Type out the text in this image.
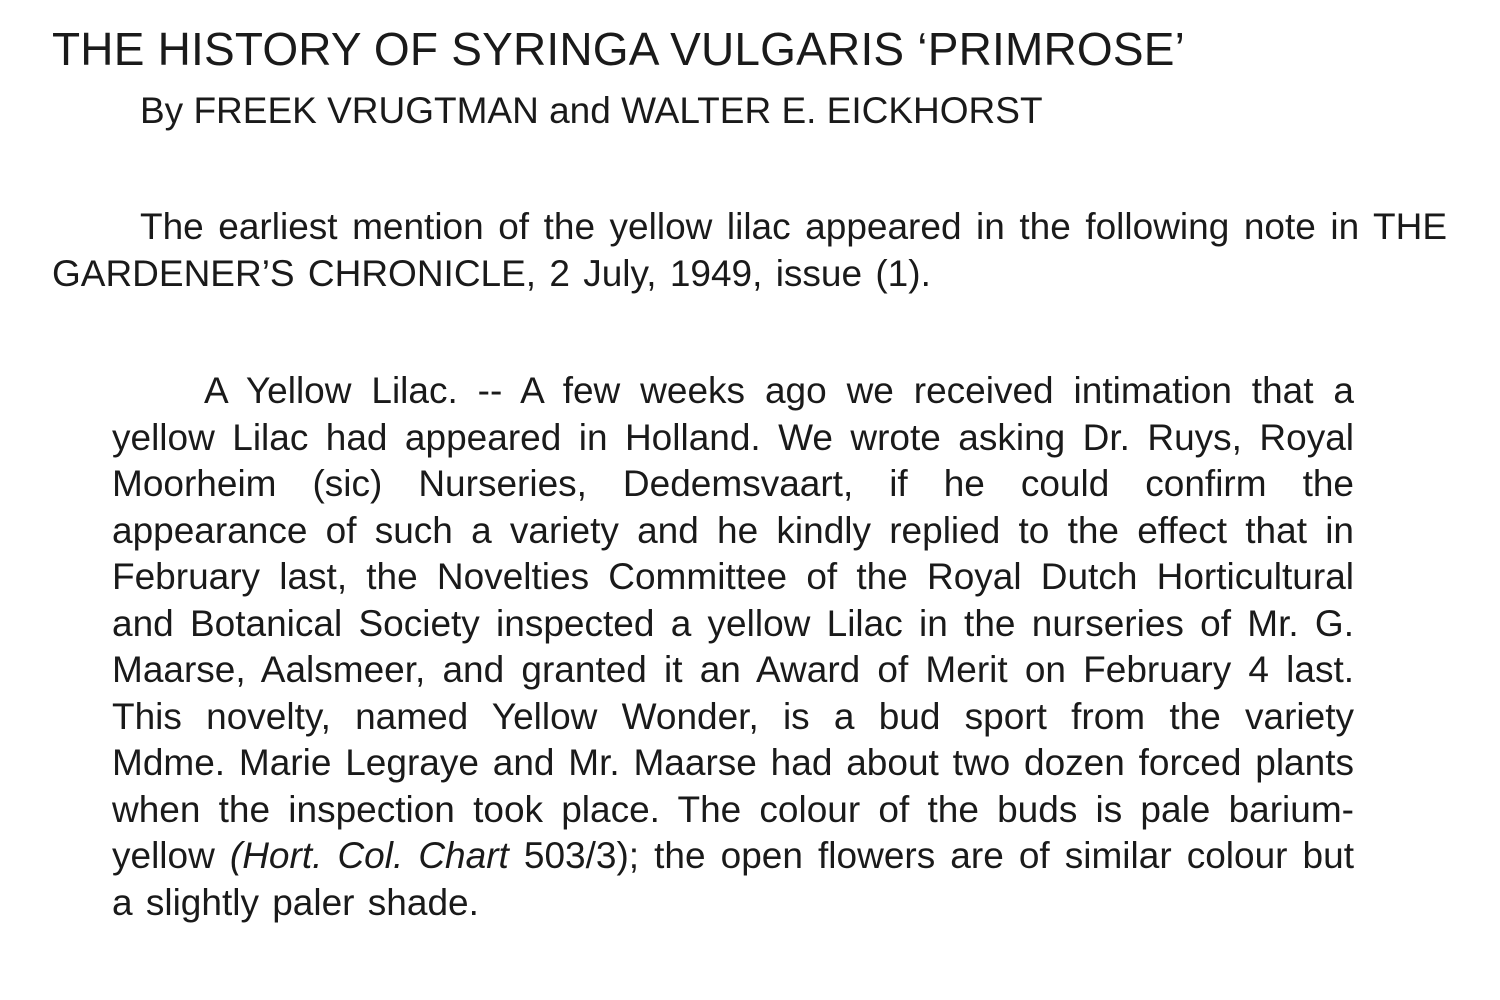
THE HISTORY OF SYRINGA VULGARIS ‘PRIMROSE’

By FREEK VRUGTMAN and WALTER E. EICKHORST

The earliest mention of the yellow lilac appeared in the following note in THE GARDENER’S CHRONICLE, 2 July, 1949, issue (1).

A Yellow Lilac. -- A few weeks ago we received intimation that a yellow Lilac had appeared in Holland. We wrote asking Dr. Ruys, Royal Moorheim (sic) Nurseries, Dedemsvaart, if he could confirm the appearance of such a variety and he kindly replied to the effect that in February last, the Novelties Committee of the Royal Dutch Horticultural and Botanical Society inspected a yellow Lilac in the nurseries of Mr. G. Maarse, Aalsmeer, and granted it an Award of Merit on February 4 last. This novelty, named Yellow Wonder, is a bud sport from the variety Mdme. Marie Legraye and Mr. Maarse had about two dozen forced plants when the inspection took place. The colour of the buds is pale barium-yellow (Hort. Col. Chart 503/3); the open flowers are of similar colour but a slightly paler shade.
